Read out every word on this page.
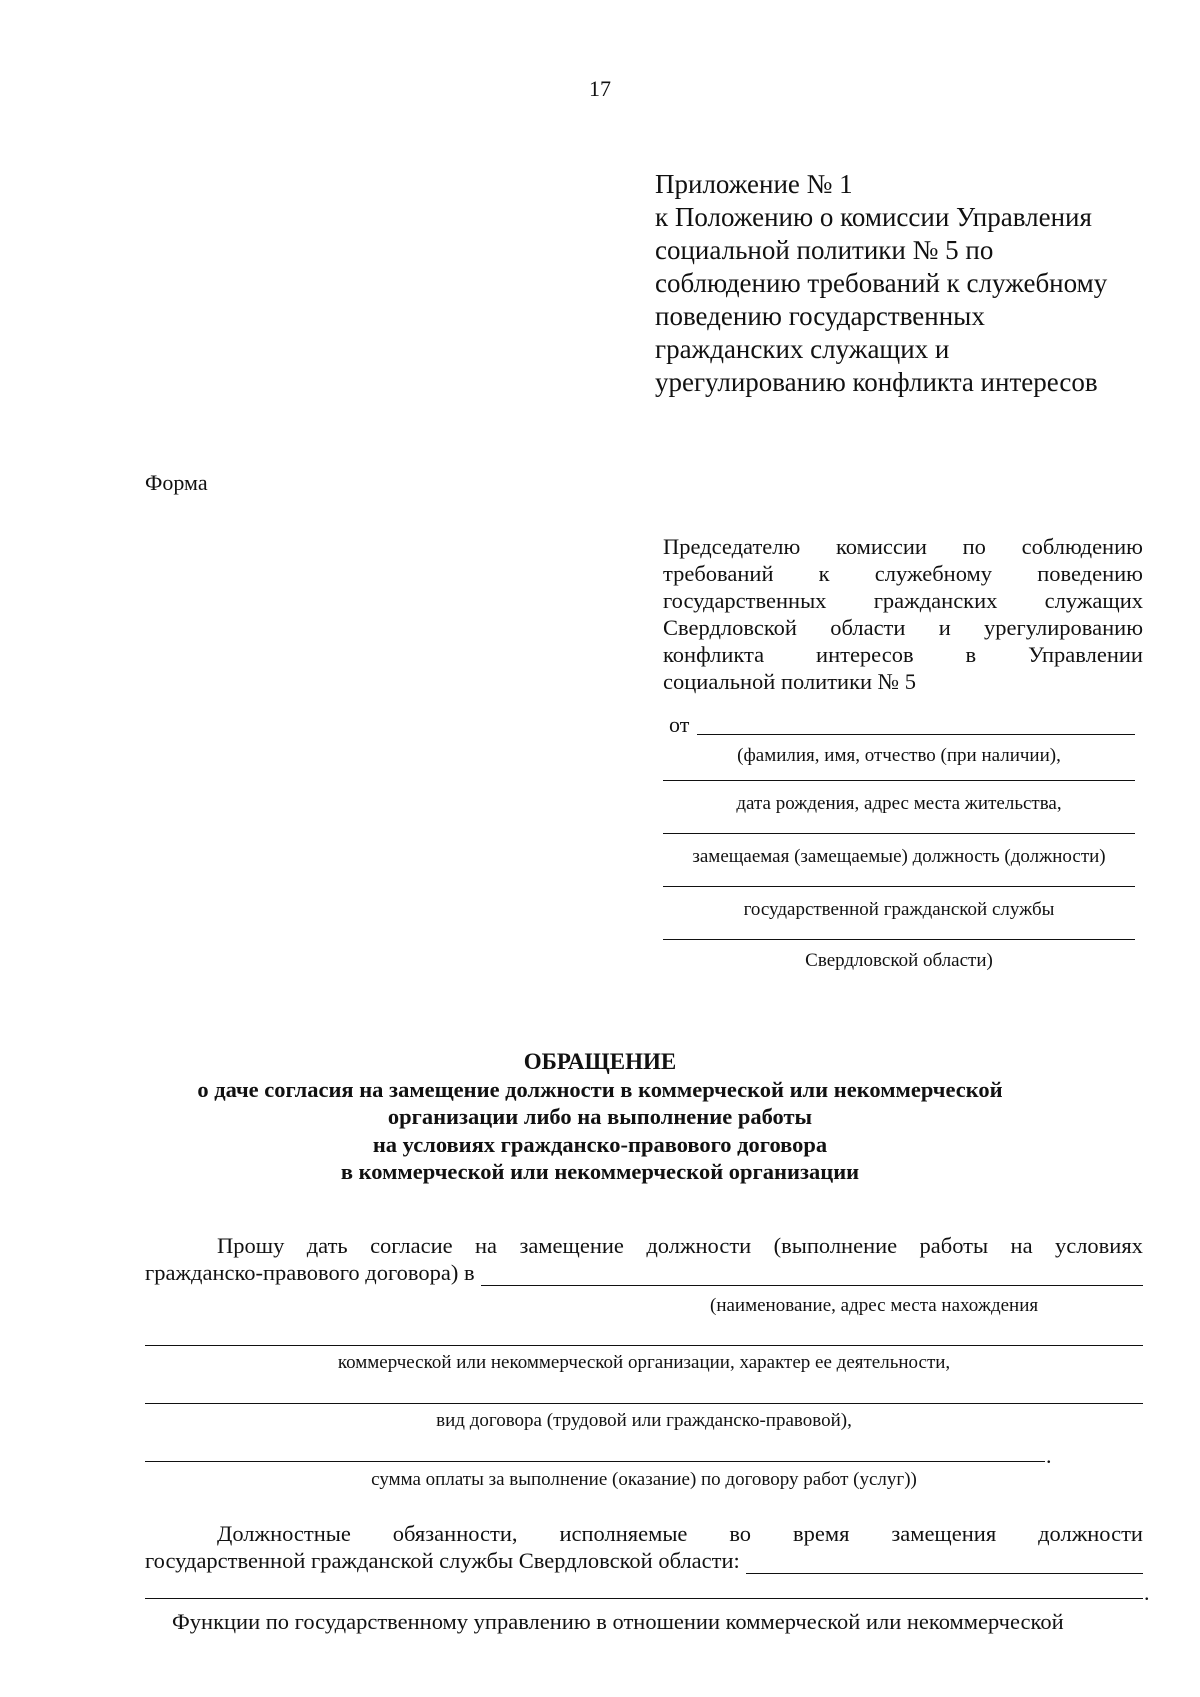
17
Приложение № 1
к Положению о комиссии Управления
социальной политики № 5 по
соблюдению требований к служебному
поведению государственных
гражданских служащих и
урегулированию конфликта интересов
Форма
Председателю комиссии по соблюдению
требований к служебному поведению
государственных гражданских служащих
Свердловской области и урегулированию
конфликта интересов в Управлении
социальной политики № 5
от
(фамилия, имя, отчество (при наличии),
дата рождения, адрес места жительства,
замещаемая (замещаемые) должность (должности)
государственной гражданской службы
Свердловской области)
ОБРАЩЕНИЕ
о даче согласия на замещение должности в коммерческой или некоммерческой
организации либо на выполнение работы
на условиях гражданско-правового договора
в коммерческой или некоммерческой организации
Прошу дать согласие на замещение должности (выполнение работы на условиях
гражданско-правового договора) в
(наименование, адрес места нахождения
коммерческой или некоммерческой организации, характер ее деятельности,
вид договора (трудовой или гражданско-правовой),
.
сумма оплаты за выполнение (оказание) по договору работ (услуг))
Должностные обязанности, исполняемые во время замещения должности
государственной гражданской службы Свердловской области:
.
Функции по государственному управлению в отношении коммерческой или некоммерческой
